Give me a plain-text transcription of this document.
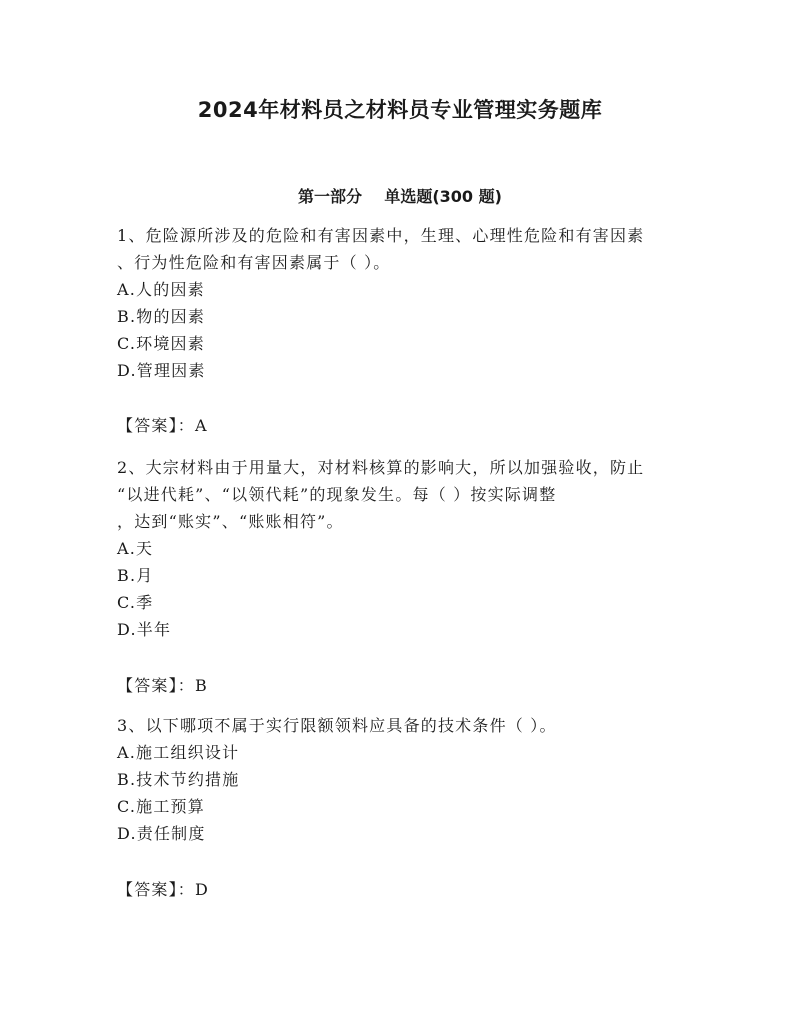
2024年材料员之材料员专业管理实务题库
第一部分    单选题(300 题)

1、危险源所涉及的危险和有害因素中，生理、心理性危险和有害因素
、行为性危险和有害因素属于（ ）。

A.人的因素
B.物的因素
C.环境因素
D.管理因素

【答案】：A

2、大宗材料由于用量大，对材料核算的影响大，所以加强验收，防止
“以进代耗”、“以领代耗”的现象发生。每（ ）按实际调整
，达到“账实”、“账账相符”。

A.天
B.月
C.季
D.半年

【答案】：B

3、以下哪项不属于实行限额领料应具备的技术条件（ ）。

A.施工组织设计
B.技术节约措施
C.施工预算
D.责任制度

【答案】：D
